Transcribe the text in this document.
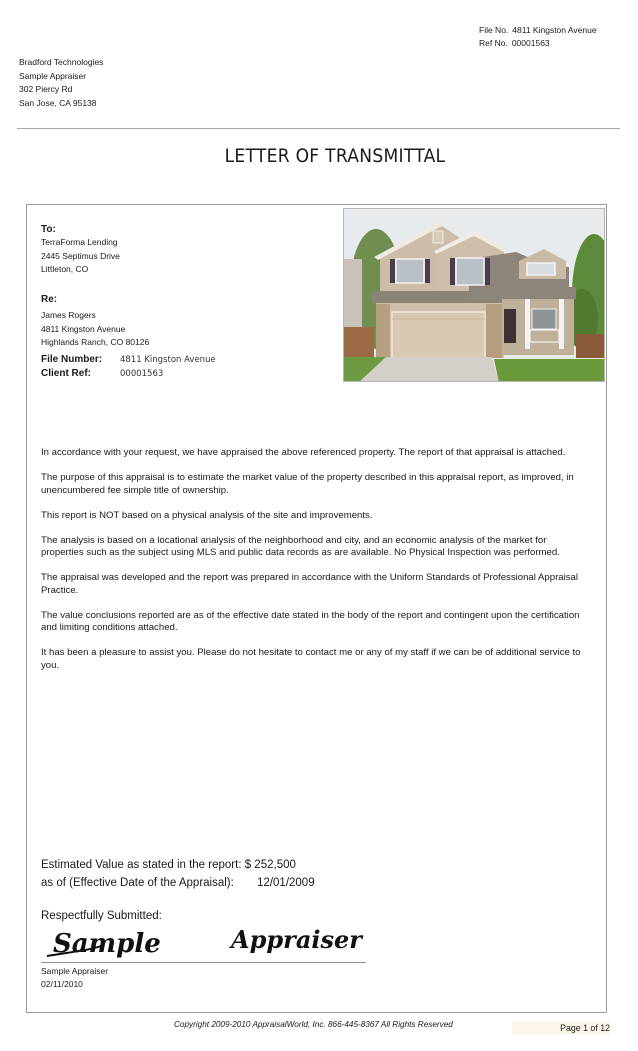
File No. 4811 Kingston Avenue
Ref No. 00001563
Bradford Technologies
Sample Appraiser
302 Piercy Rd
San Jose, CA 95138
LETTER OF TRANSMITTAL
To:
TerraForma Lending
2445 Septimus Drive
Littleton, CO
Re:
James Rogers
4811 Kingston Avenue
Highlands Ranch, CO 80126
File Number: 4811 Kingston Avenue
Client Ref:	00001563

In accordance with your request, we have appraised the above referenced property. The report of that appraisal is attached.

The purpose of this appraisal is to estimate the market value of the property described in this appraisal report, as improved, in unencumbered fee simple title of ownership.

This report is NOT based on a physical analysis of the site and improvements.

The analysis is based on a locational analysis of the neighborhood and city, and an economic analysis of the market for properties such as the subject using MLS and public data records as are available. No Physical Inspection was performed.

The appraisal was developed and the report was prepared in accordance with the Uniform Standards of Professional Appraisal Practice.

The value conclusions reported are as of the effective date stated in the body of the report and contingent upon the certification and limiting conditions attached.

It has been a pleasure to assist you. Please do not hesitate to contact me or any of my staff if we can be of additional service to you.

Estimated Value as stated in the report: $ 252,500
as of (Effective Date of the Appraisal): 12/01/2009
Respectfully Submitted:
Sample	Appraiser
Sample Appraiser
02/11/2010
Copyright 2009-2010 AppraisalWorld, Inc. 866-445-8367 All Rights Reserved	Page 1 of 12
